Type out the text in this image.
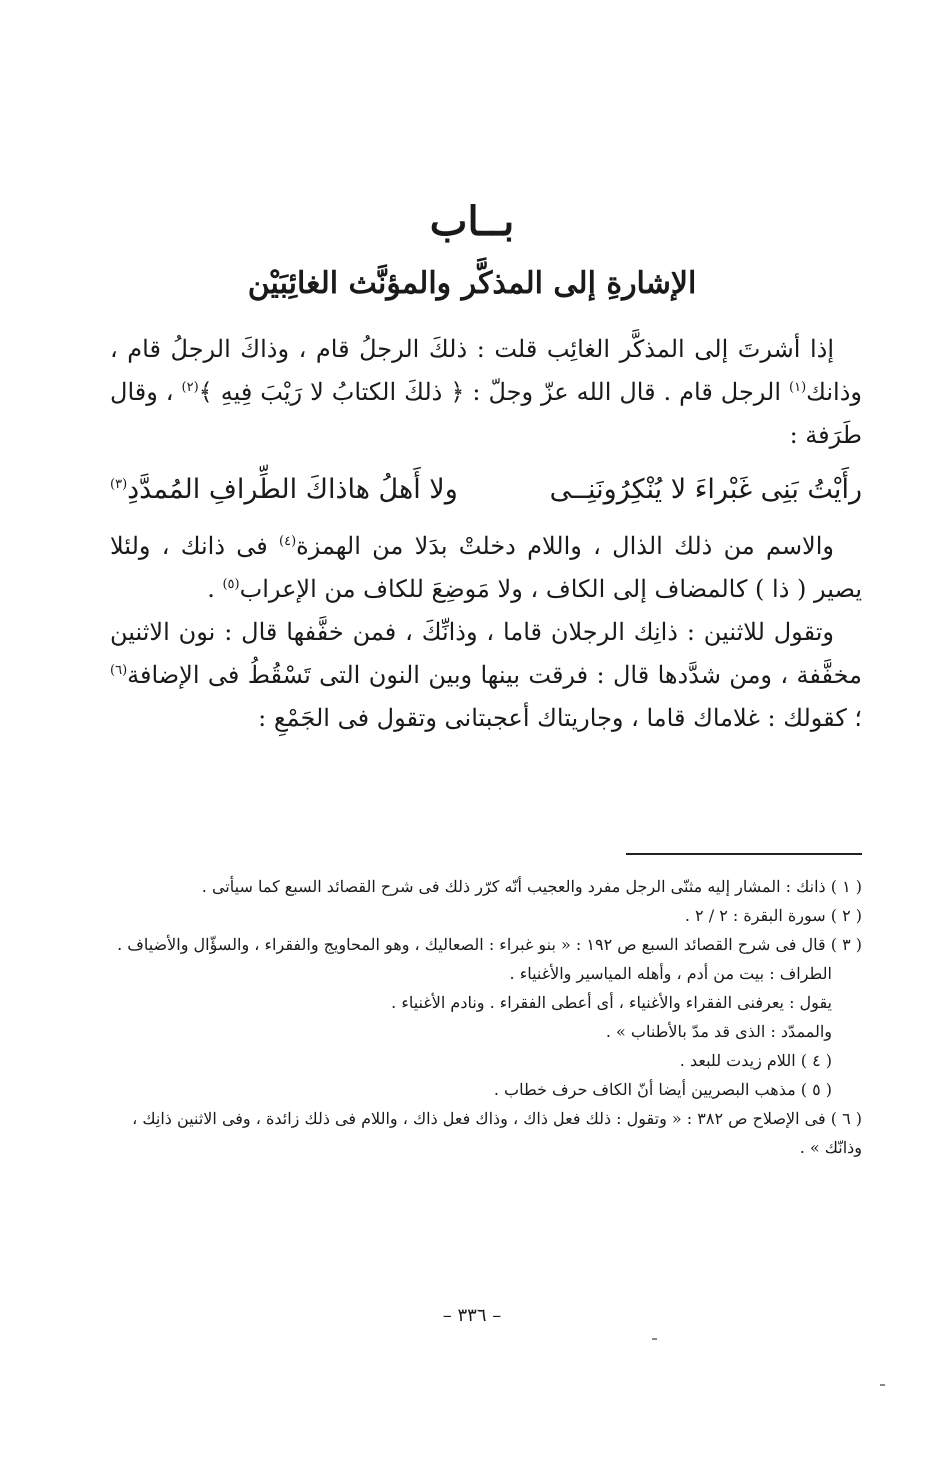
بــاب
الإشارةِ إلى المذكَّر والمؤنَّث الغائِبَيْن

إذا أشرتَ إلى المذكَّر الغائِب قلت : ذلكَ الرجلُ قام ، وذاكَ الرجلُ قام ، وذانك$^{(١)}$ الرجل قام . قال الله عزّ وجلّ : ﴿ ذلكَ الكتابُ لا رَيْبَ فِيهِ ﴾$^{(٢)}$ ، وقال طَرَفة :

رأَيْتُ بَنِى غَبْراءَ لا يُنْكِرُونَنِــى
ولا أَهلُ هاذاكَ الطِّرافِ المُمدَّدِ$^{(٣)}$

والاسم من ذلك الذال ، واللام دخلتْ بدَلا من الهمزة$^{(٤)}$ فى ذانك ، ولئلا يصير ( ذا ) كالمضاف إلى الكاف ، ولا مَوضِعَ للكاف من الإعراب$^{(٥)}$ .

وتقول للاثنين : ذانِك الرجلان قاما ، وذانِّكَ ، فمن خفَّفها قال : نون الاثنين مخفَّفة ، ومن شدَّدها قال : فرقت بينها وبين النون التى تَسْقُطُ فى الإضافة$^{(٦)}$ ؛ كقولك : غلاماك قاما ، وجاريتاك أعجبتانى وتقول فى الجَمْعِ :

( ١ ) ذانك : المشار إليه مثنّى الرجل مفرد والعجيب أنّه كرّر ذلك فى شرح القصائد السبع كما سيأتى .
( ٢ ) سورة البقرة : ٢ / ٢ .
( ٣ ) قال فى شرح القصائد السبع ص ١٩٢ : « بنو غبراء : الصعاليك ، وهو المحاويج والفقراء ، والسؤّال والأضياف .
الطراف : بيت من أدم ، وأهله المياسير والأغنياء .
يقول : يعرفنى الفقراء والأغنياء ، أى أعطى الفقراء . ونادم الأغنياء .
والممدّد : الذى قد مدّ بالأطناب » .
( ٤ ) اللام زيدت للبعد .
( ٥ ) مذهب البصريين أيضا أنّ الكاف حرف خطاب .
( ٦ ) فى الإصلاح ص ٣٨٢ : « وتقول : ذلك فعل ذاك ، وذاك فعل ذاك ، واللام فى ذلك زائدة ، وفى الاثنين ذانِك ، وذانّك » .
– ٣٣٦ –
